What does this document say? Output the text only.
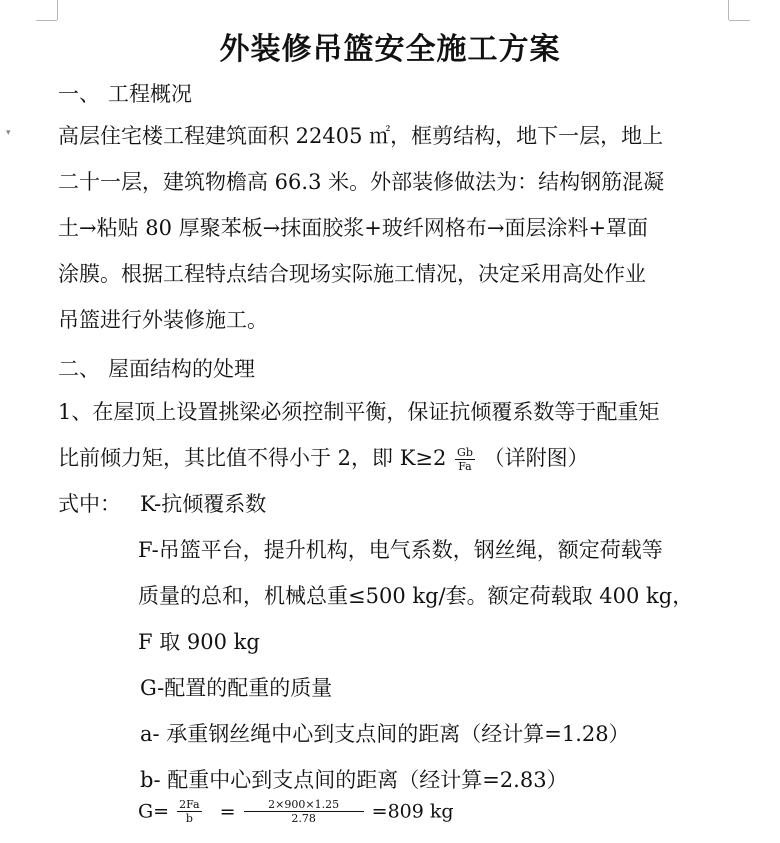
▾
外装修吊篮安全施工方案
一、 工程概况
高层住宅楼工程建筑面积 22405 ㎡，框剪结构，地下一层，地上
二十一层，建筑物檐高 66.3 米。外部装修做法为：结构钢筋混凝
土→粘贴 80 厚聚苯板→抹面胶浆+玻纤网格布→面层涂料+罩面
涂膜。根据工程特点结合现场实际施工情况，决定采用高处作业
吊篮进行外装修施工。
二、 屋面结构的处理
1、在屋顶上设置挑梁必须控制平衡，保证抗倾覆系数等于配重矩
比前倾力矩，其比值不得小于 2，即 $K\ge 2 \frac{Gb}{Fa}$ （详附图）
式中： K-抗倾覆系数
F-吊篮平台，提升机构，电气系数，钢丝绳，额定荷载等
质量的总和，机械总重≤500 kg/套。额定荷载取 400 kg，
F 取 900 kg
G-配置的配重的质量
a- 承重钢丝绳中心到支点间的距离（经计算=1.28）
b- 配重中心到支点间的距离（经计算=2.83）
$G= \frac{2Fa}{b} = \frac{2\times 900\times 1.25}{2.78} =809$ kg
